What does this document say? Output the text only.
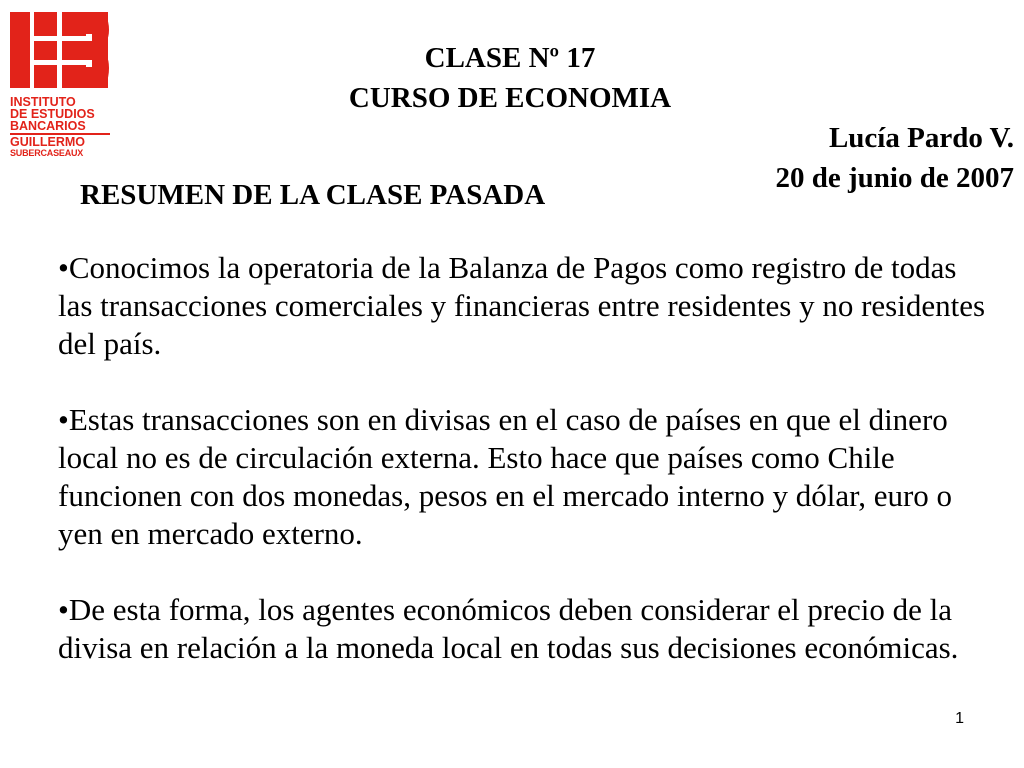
INSTITUTO
DE ESTUDIOS
BANCARIOS
GUILLERMO
SUBERCASEAUX
CLASE Nº 17
CURSO DE ECONOMIA
Lucía Pardo V.
20 de junio de 2007
RESUMEN DE LA CLASE PASADA

•Conocimos la operatoria de la Balanza de Pagos como registro de todas las transacciones comerciales y financieras entre residentes y no residentes del país.

•Estas transacciones son en divisas en el caso de países en que el dinero local no es de circulación externa. Esto hace que países como Chile funcionen con dos monedas, pesos en el mercado interno y dólar, euro o yen en mercado externo.

•De esta forma, los agentes económicos deben considerar el precio de la divisa en relación a la moneda local en todas sus decisiones económicas.

1
